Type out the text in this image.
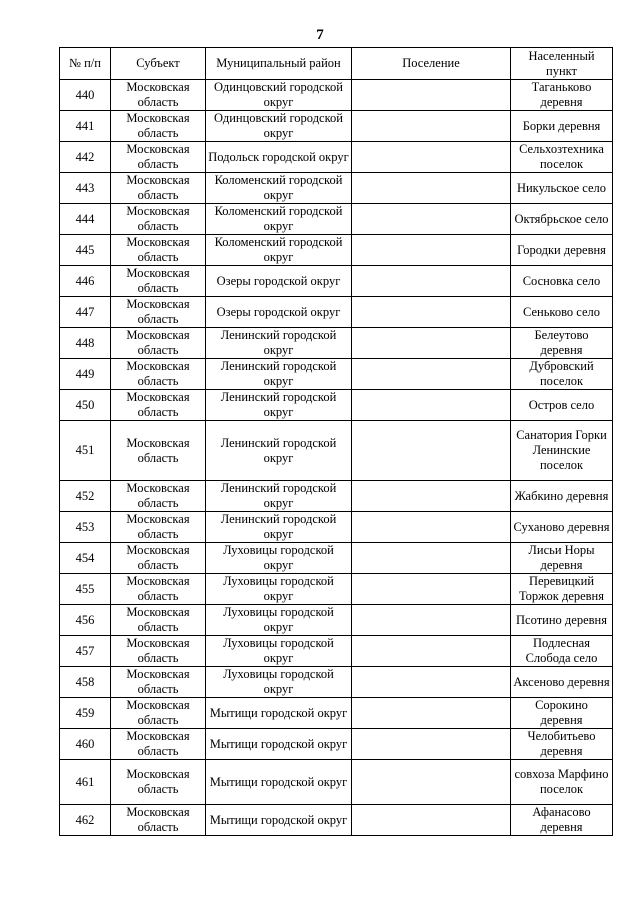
7
№ п/п	Субъект	Муниципальный район	Поселение	Населенный пункт
440	Московская область	Одинцовский городской округ		Таганьково деревня
441	Московская область	Одинцовский городской округ		Борки деревня
442	Московская область	Подольск городской округ		Сельхозтехника поселок
443	Московская область	Коломенский городской округ		Никульское село
444	Московская область	Коломенский городской округ		Октябрьское село
445	Московская область	Коломенский городской округ		Городки деревня
446	Московская область	Озеры городской округ		Сосновка село
447	Московская область	Озеры городской округ		Сеньково село
448	Московская область	Ленинский городской округ		Белеутово деревня
449	Московская область	Ленинский городской округ		Дубровский поселок
450	Московская область	Ленинский городской округ		Остров село
451	Московская область	Ленинский городской округ		Санатория Горки Ленинские поселок
452	Московская область	Ленинский городской округ		Жабкино деревня
453	Московская область	Ленинский городской округ		Суханово деревня
454	Московская область	Луховицы городской округ		Лисьи Норы деревня
455	Московская область	Луховицы городской округ		Перевицкий Торжок деревня
456	Московская область	Луховицы городской округ		Псотино деревня
457	Московская область	Луховицы городской округ		Подлесная Слобода село
458	Московская область	Луховицы городской округ		Аксеново деревня
459	Московская область	Мытищи городской округ		Сорокино деревня
460	Московская область	Мытищи городской округ		Челобитьево деревня
461	Московская область	Мытищи городской округ		совхоза Марфино поселок
462	Московская область	Мытищи городской округ		Афанасово деревня
